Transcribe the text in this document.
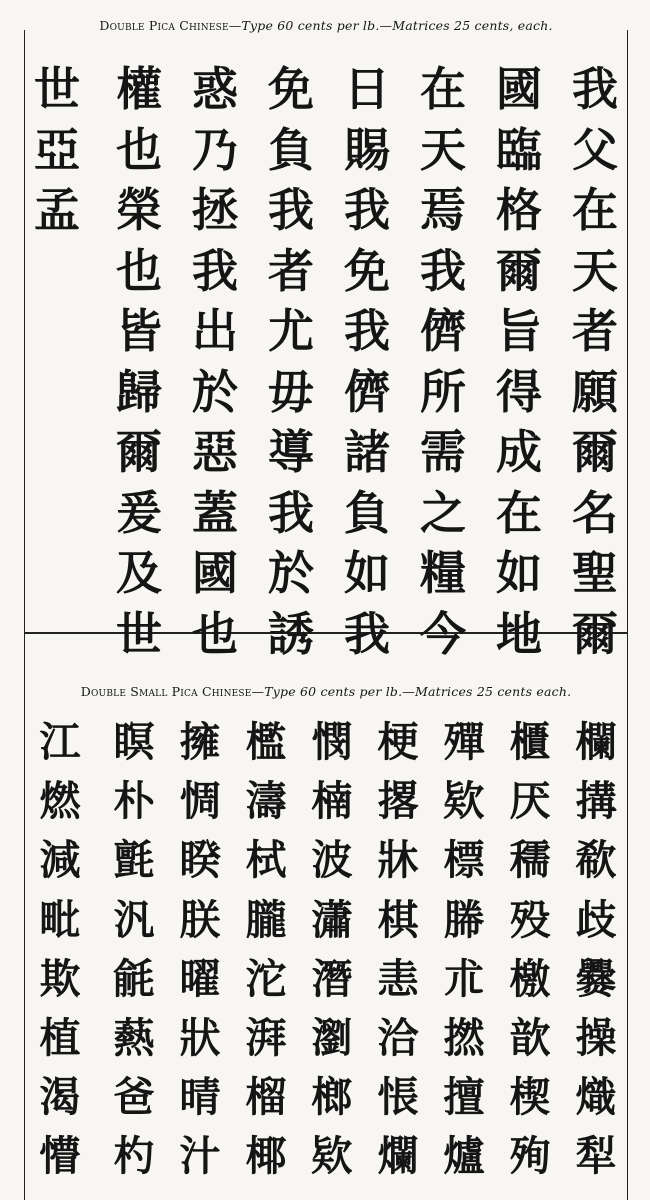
Double Pica Chinese—Type 60 cents per lb.—Matrices 25 cents, each.
Double Small Pica Chinese—Type 60 cents per lb.—Matrices 25 cents each.
我
父
在
天
者
願
爾
名
聖
爾
國
臨
格
爾
旨
得
成
在
如
地
在
天
焉
我
儕
所
需
之
糧
今
日
賜
我
免
我
儕
諸
負
如
我
免
負
我
者
尤
毋
導
我
於
誘
惑
乃
拯
我
出
於
惡
蓋
國
也
權
也
榮
也
皆
歸
爾
爰
及
世
世
亞
孟
欄
搆
欷
歧
爨
操
熾
犁
櫃
厌
穤
殁
檄
歆
楔
殉
殫
欵
標
幐
朮
撚
擅
爐
梗
撂
牀
棋
恚
洽
悵
爛
憫
楠
波
瀟
潛
瀏
榔
欵
檻
濤
栻
朧
沱
湃
榴
椰
擁
惆
睽
朕
曜
狀
晴
汁
瞑
朴
氈
汎
毹
爇
爸
杓
江
燃
減
毗
欺
植
渴
懵
